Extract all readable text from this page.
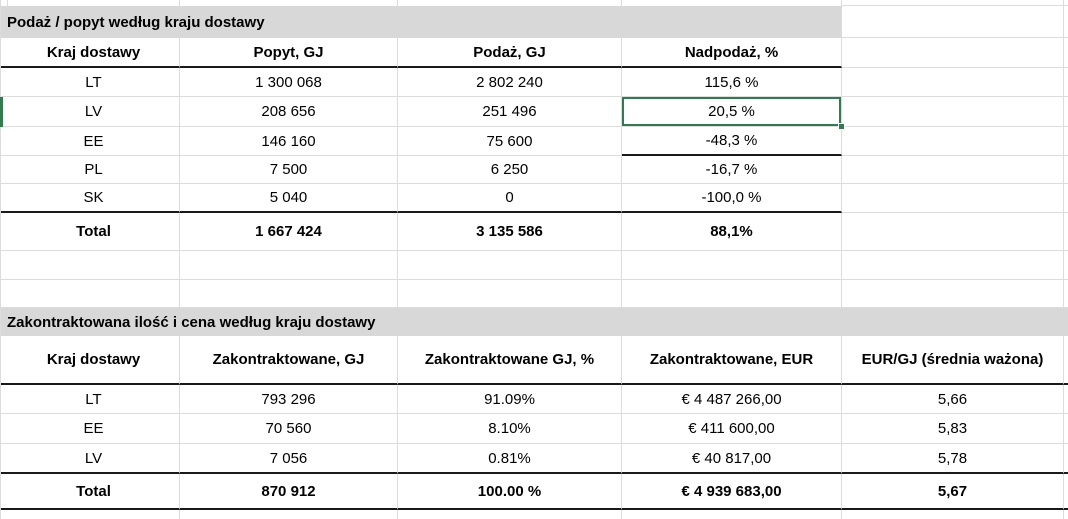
Podaż / popyt według kraju dostawy
Kraj dostawy	Popyt, GJ	Podaż, GJ	Nadpodaż, %
LT	1 300 068	2 802 240	115,6 %
LV	208 656	251 496	20,5 %
EE	146 160	75 600	-48,3 %
PL	7 500	6 250	-16,7 %
SK	5 040	0	-100,0 %
Total	1 667 424	3 135 586	88,1%
Zakontraktowana ilość i cena według kraju dostawy
Kraj dostawy	Zakontraktowane, GJ	Zakontraktowane GJ, %	Zakontraktowane, EUR	EUR/GJ (średnia ważona)
LT	793 296	91.09%	€ 4 487 266,00	5,66
EE	70 560	8.10%	€ 411 600,00	5,83
LV	7 056	0.81%	€ 40 817,00	5,78
Total	870 912	100.00 %	€ 4 939 683,00	5,67
